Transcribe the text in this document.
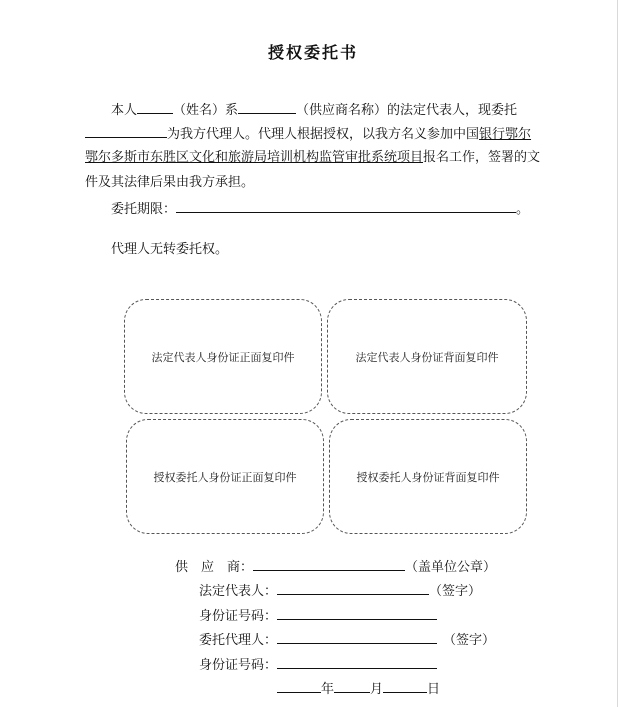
授权委托书
本人	（姓名）系	（供应商名称）的法定代表人，现委托
为我方代理人。代理人根据授权，以我方名义参加中国银行鄂尔
鄂尔多斯市东胜区文化和旅游局培训机构监管审批系统项目报名工作，签署的文
件及其法律后果由我方承担。
委托期限：	。
代理人无转委托权。
法定代表人身份证正面复印件	法定代表人身份证背面复印件
授权委托人身份证正面复印件	授权委托人身份证背面复印件
供　应　商：	（盖单位公章）
法定代表人：	（签字）
身份证号码：
委托代理人：	（签字）
身份证号码：
年	月	日
